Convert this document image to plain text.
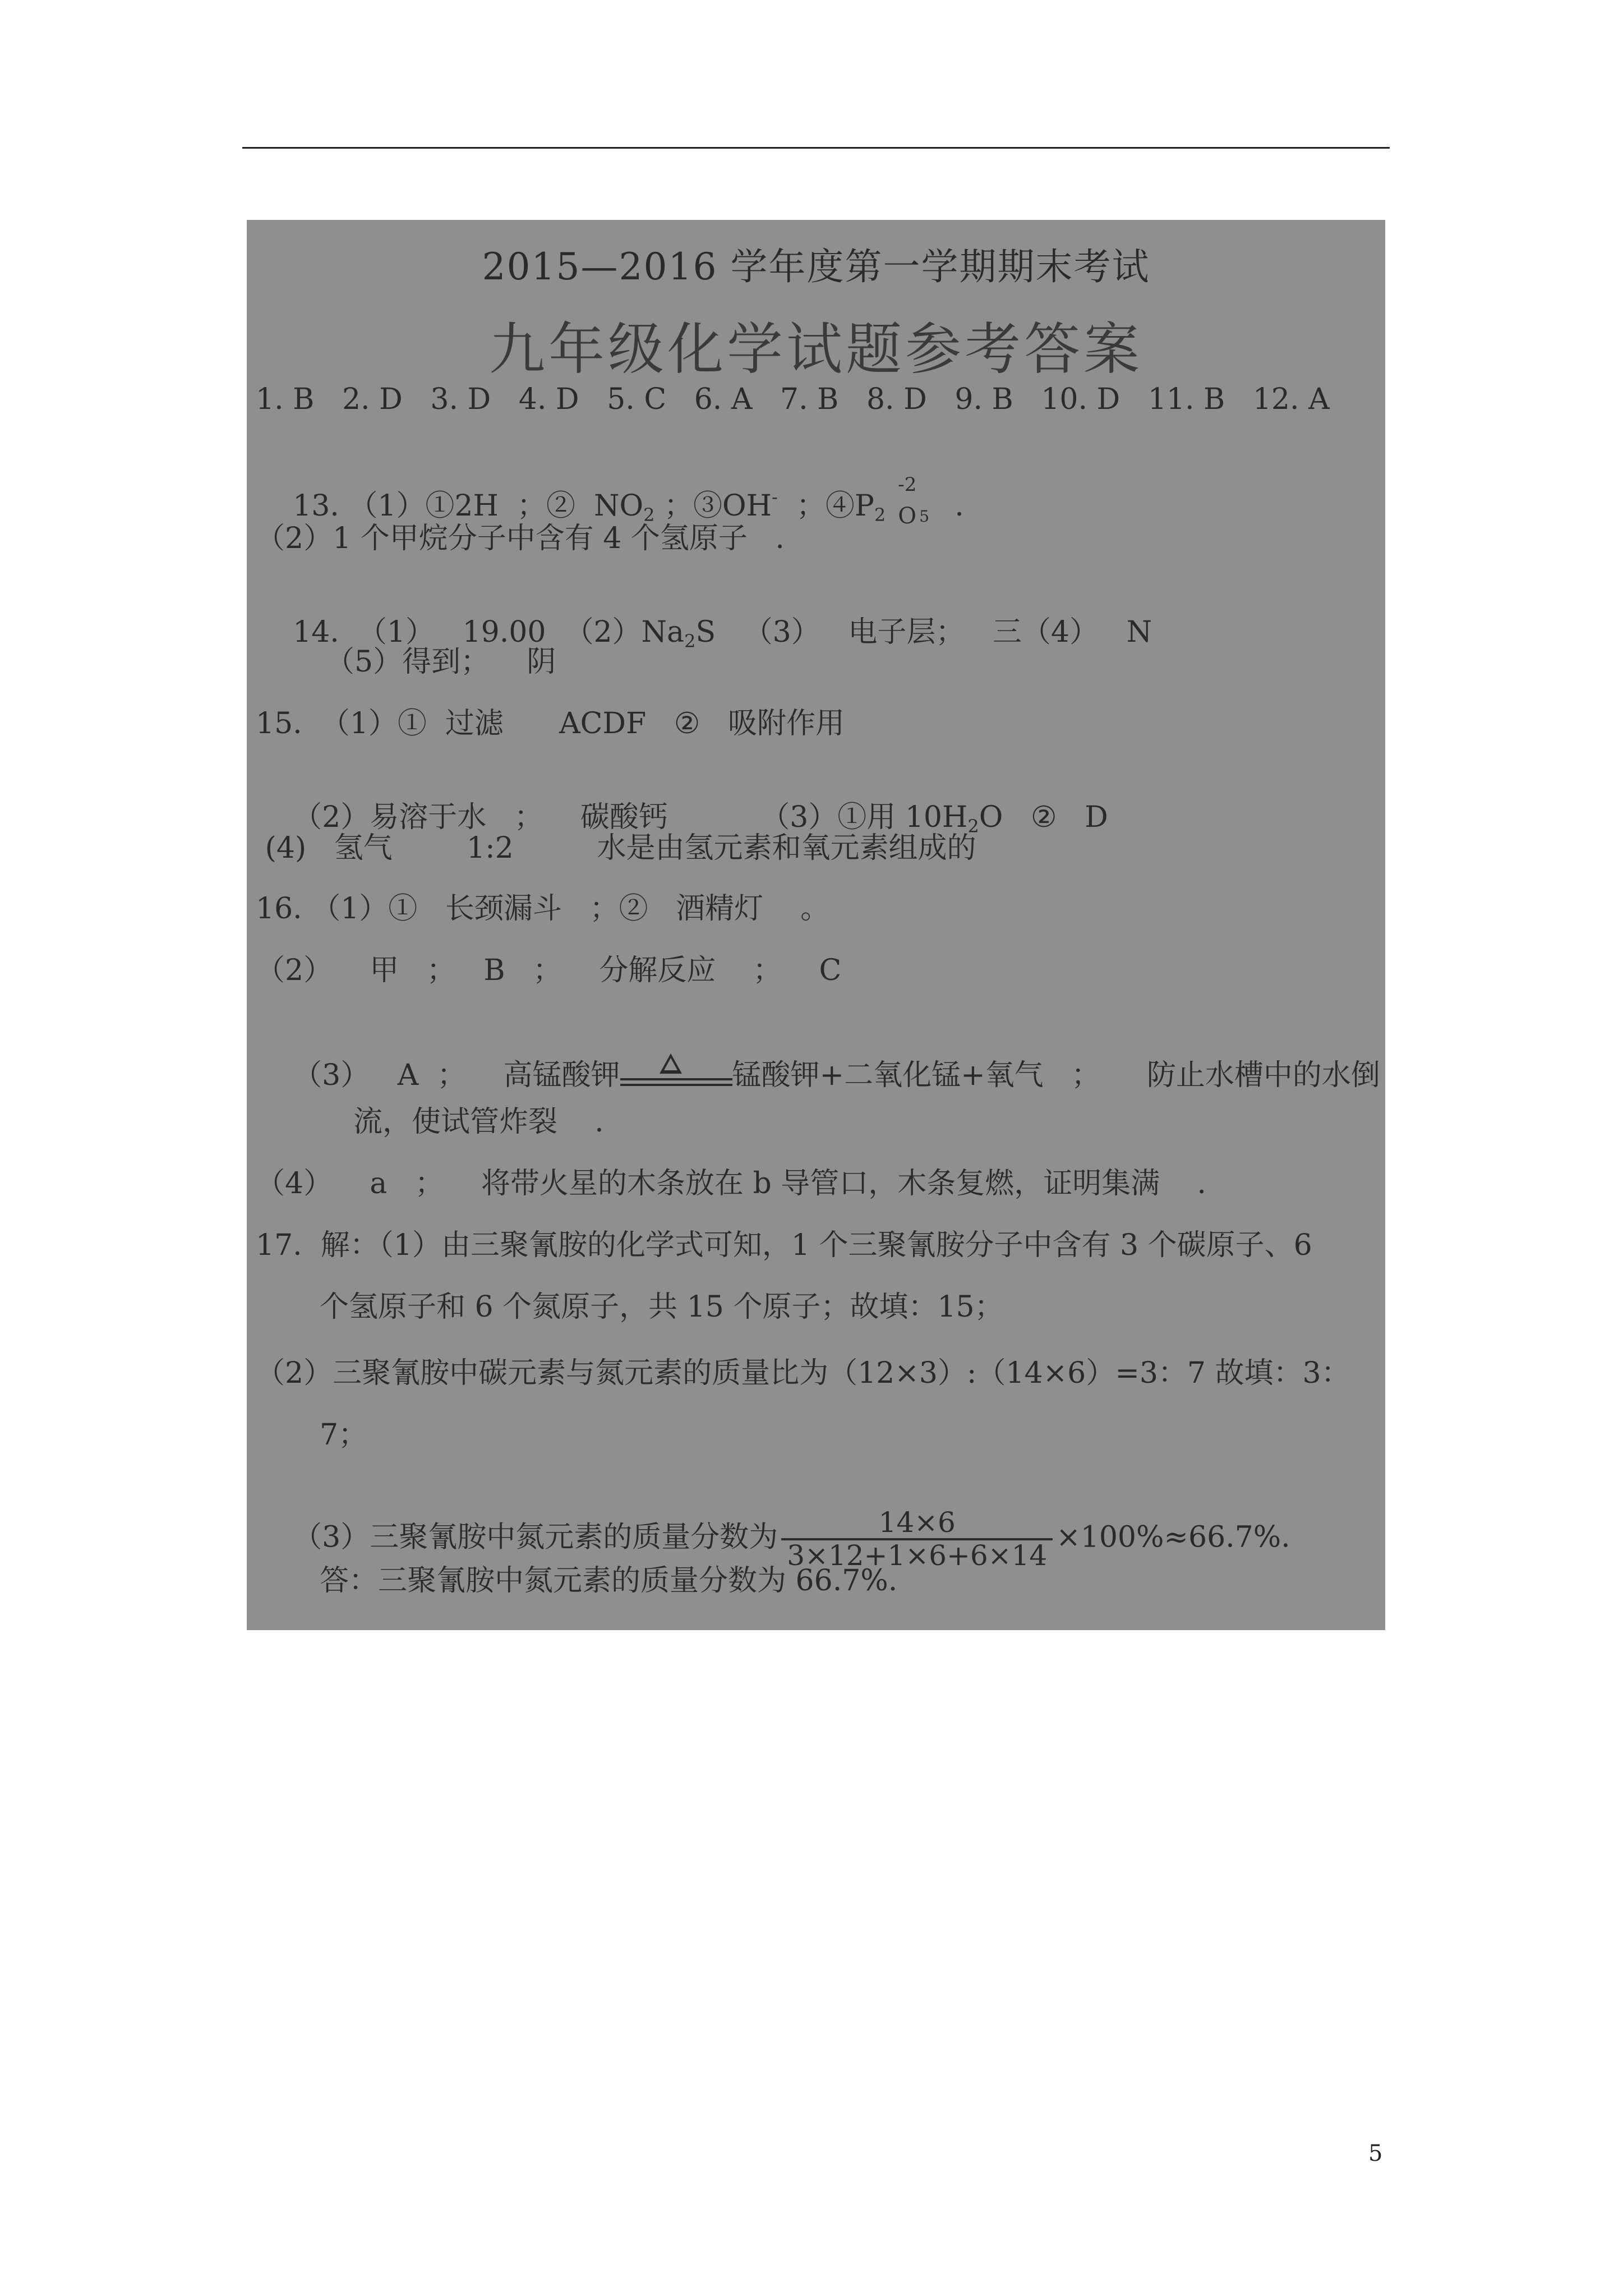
2015—2016 学年度第一学期期末考试
九年级化学试题参考答案
1. B   2. D   3. D   4. D   5. C   6. A   7. B   8. D   9. B   10. D   11. B   12. A

13. （1）①2H  ；②  $NO_2$ ；③OH-  ；$④P_2$
-2
O 5 .

（2）1 个甲烷分子中含有 4 个氢原子   .

14.  （1）   19.00  $(2)Na_2S$   （3）   电子层；   三（4）   N

（5）得到；    阴
15.  （1）①  过滤      ACDF   ②   吸附作用

（2）易溶于水   ；    碳酸钙          （3）①用 $10H_2O$   ②   D

(4)   氢气        1:2         水是由氢元素和氧元素组成的
16. （1）①   长颈漏斗   ；②   酒精灯    。
（2）    甲   ；   B   ；    分解反应    ；    C

（3）   A  ；    高锰酸钾	锰酸钾+二氧化锰+氧气   ；     防止水槽中的水倒

流，使试管炸裂    .
（4）    a   ；    将带火星的木条放在 b 导管口，木条复燃，证明集满    .
17.  解：（1）由三聚氰胺的化学式可知，1 个三聚氰胺分子中含有 3 个碳原子、6
个氢原子和 6 个氮原子，共 15 个原子；故填：15；
（2）三聚氰胺中碳元素与氮元素的质量比为（12×3）:（14×6）=3：7 故填：3：
7；

（3）三聚氰胺中氮元素的质量分数为 $\frac{14\times 6}{3\times 12+1\times 6+6\times 14} \times 100\%\approx 66.7\%$.

答：三聚氰胺中氮元素的质量分数为 66.7%.
5
